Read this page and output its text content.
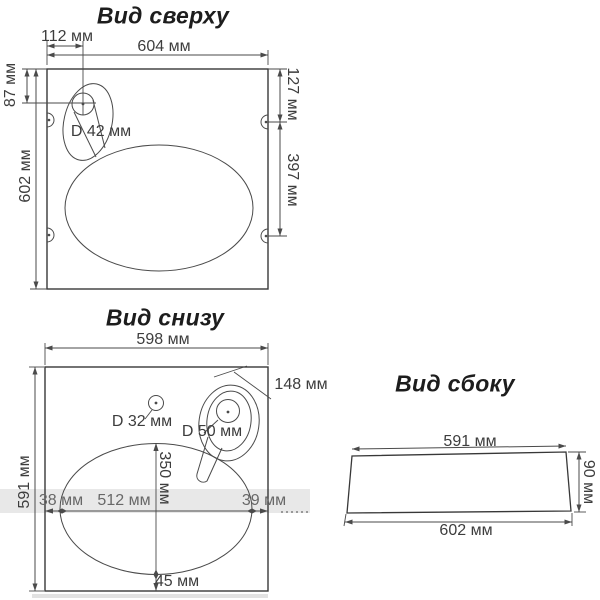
Вид сверху
112 мм
604 мм
87 мм
602 мм
127 мм
397 мм
D 42 мм
Вид снизу
598 мм
591 мм
148 мм
D 32 мм
D 50 мм
350 мм
38 мм 512 мм	39 мм
45 мм
Вид сбоку
591 мм
602 мм
90 мм
